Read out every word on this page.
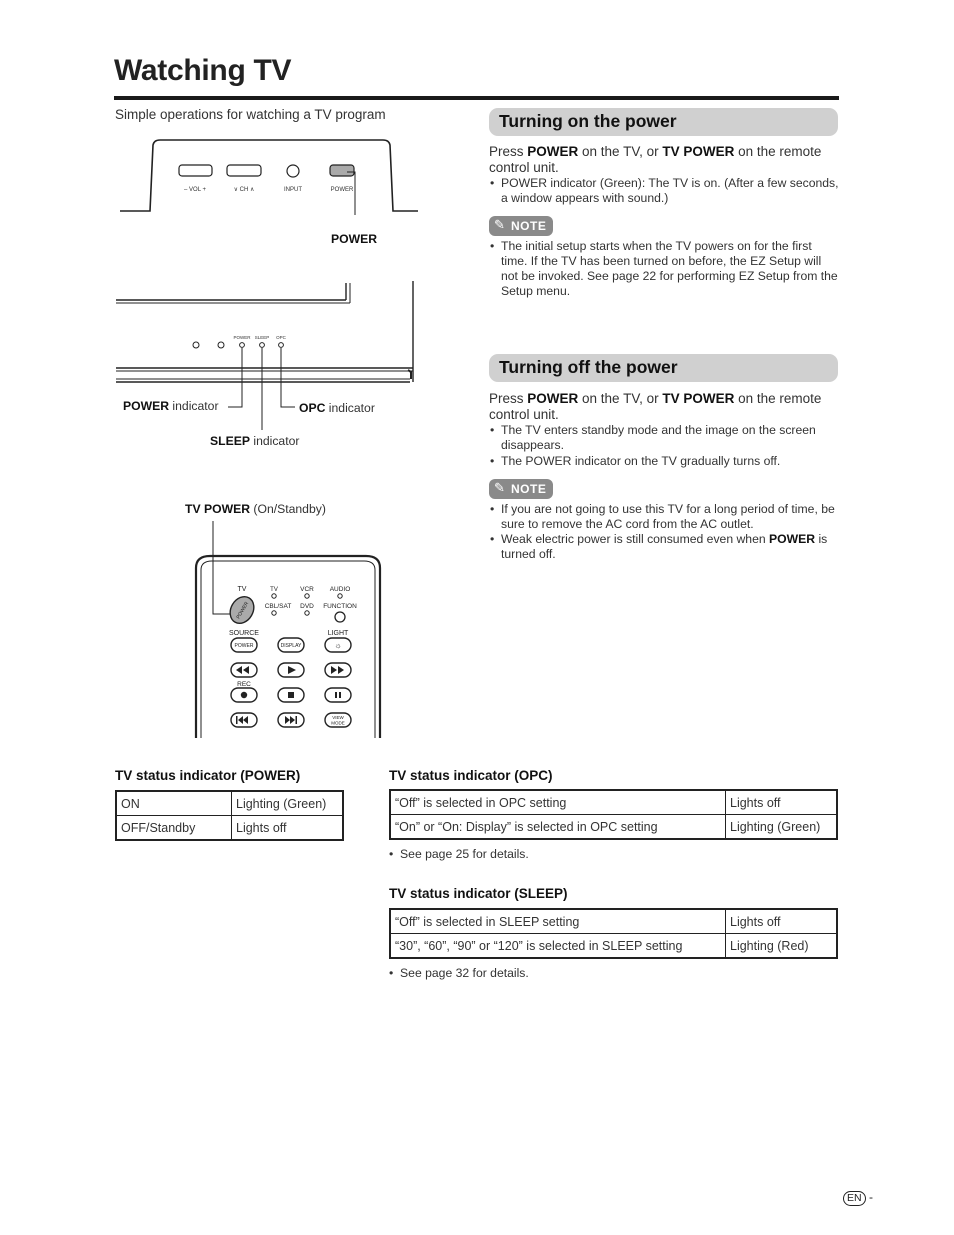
Watching TV
Simple operations for watching a TV program
– VOL +	∨ CH ∧	INPUT	POWER
POWER
POWER SLEEP OPC
POWER indicator	OPC indicator
SLEEP indicator
TV POWER (On/Standby)
TV	TV	VCR AUDIO
CBL/SAT DVD FUNCTION
POWER
SOURCE	LIGHT
POWER	DISPLAY	☼
REC
VIEW
MODE
Turning on the power
Press POWER on the TV, or TV POWER on the remote control unit.
• POWER indicator (Green): The TV is on. (After a few seconds, a window appears with sound.)
✎ NOTE
• The initial setup starts when the TV powers on for the first time. If the TV has been turned on before, the EZ Setup will not be invoked. See page 22 for performing EZ Setup from the Setup menu.
Turning off the power
Press POWER on the TV, or TV POWER on the remote control unit.
• The TV enters standby mode and the image on the screen disappears.
• The POWER indicator on the TV gradually turns off.
✎ NOTE
• If you are not going to use this TV for a long period of time, be sure to remove the AC cord from the AC outlet.
• Weak electric power is still consumed even when POWER is turned off.
TV status indicator (POWER)
ON	Lighting (Green)
OFF/Standby	Lights off
TV status indicator (OPC)
“Off” is selected in OPC setting	Lights off
“On” or “On: Display” is selected in OPC setting	Lighting (Green)
•  See page 25 for details.
TV status indicator (SLEEP)
“Off” is selected in SLEEP setting	Lights off
“30”, “60”, “90” or “120” is selected in SLEEP setting	Lighting (Red)
•  See page 32 for details.
EN -
